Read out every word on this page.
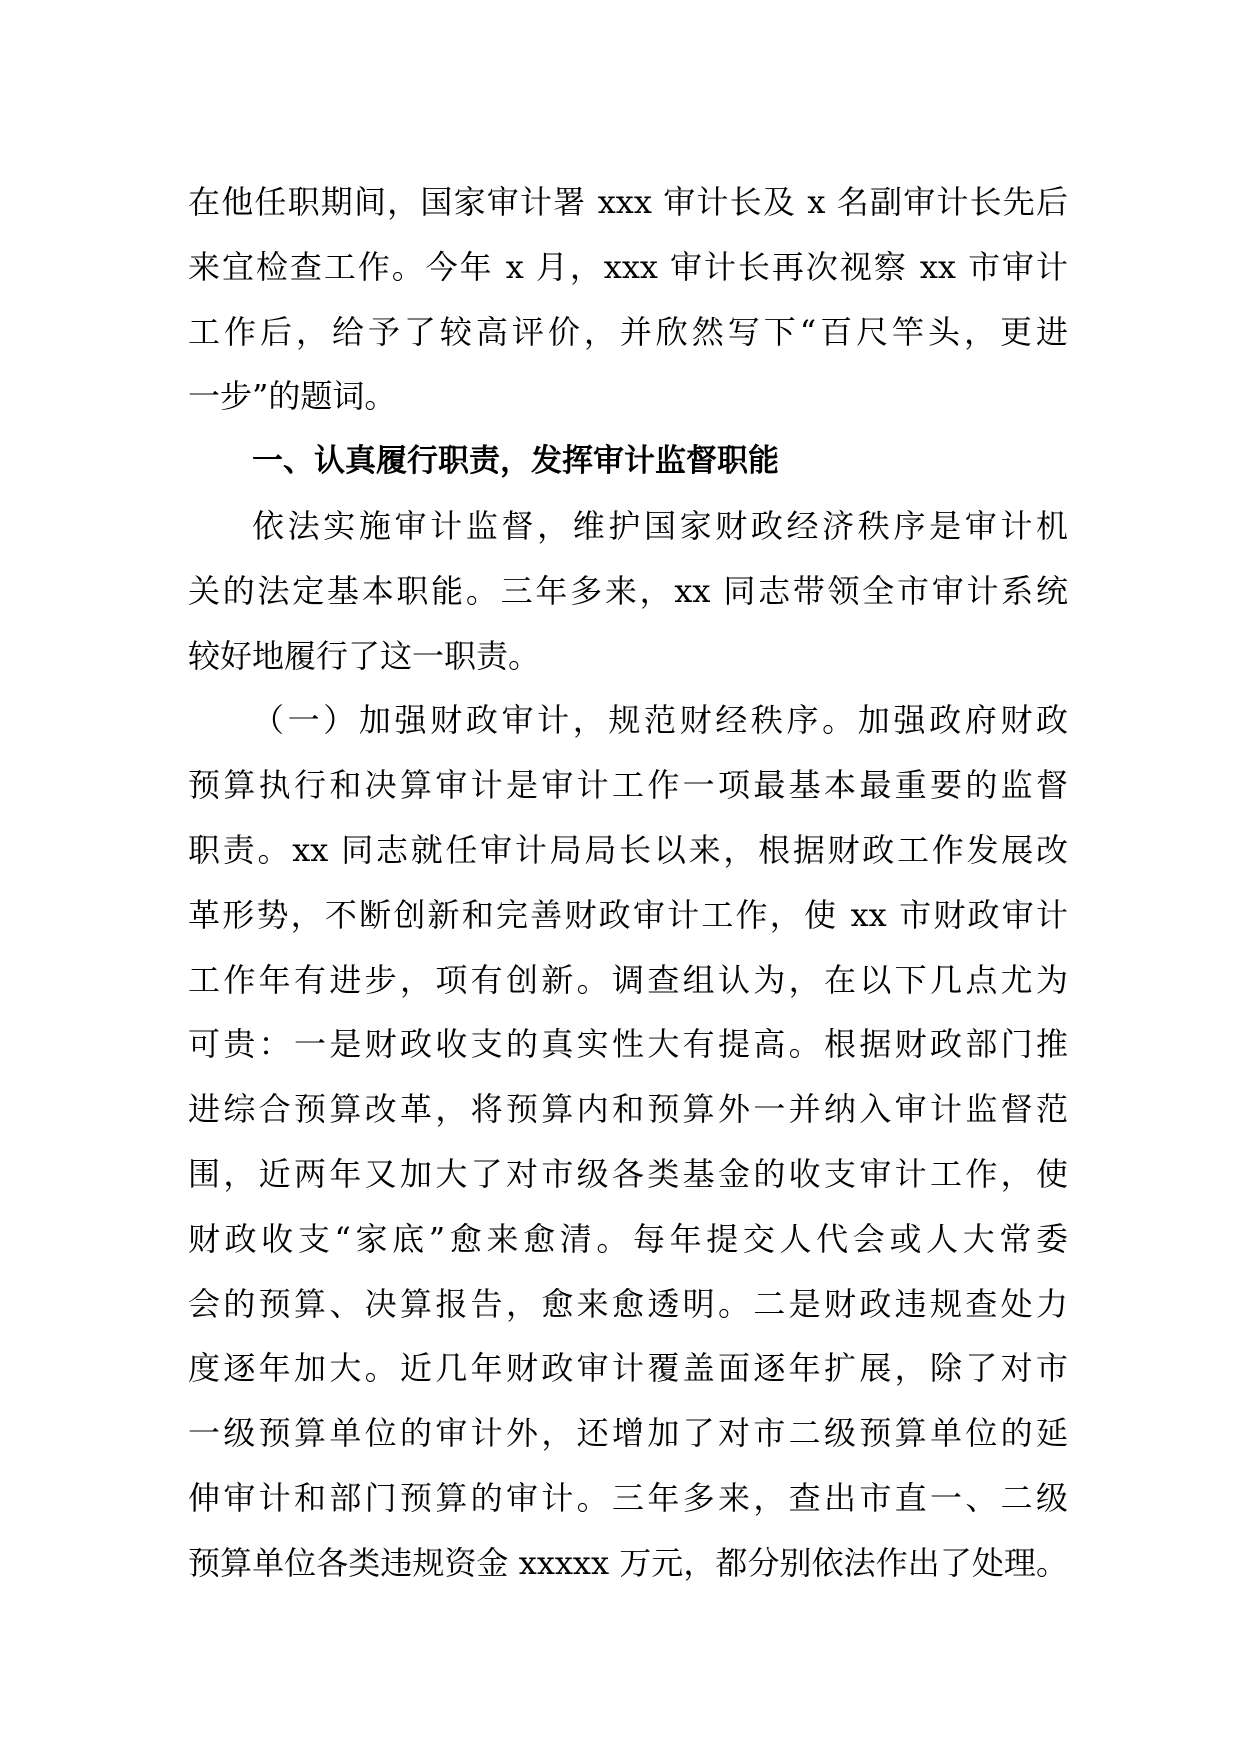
在他任职期间，国家审计署 xxx 审计长及 x 名副审计长先后
来宜检查工作。今年 x 月，xxx 审计长再次视察 xx 市审计
工作后，给予了较高评价，并欣然写下“百尺竿头，更进
一步”的题词。
一、认真履行职责，发挥审计监督职能
依法实施审计监督，维护国家财政经济秩序是审计机
关的法定基本职能。三年多来，xx 同志带领全市审计系统
较好地履行了这一职责。
（一）加强财政审计，规范财经秩序。加强政府财政
预算执行和决算审计是审计工作一项最基本最重要的监督
职责。xx 同志就任审计局局长以来，根据财政工作发展改
革形势，不断创新和完善财政审计工作，使 xx 市财政审计
工作年有进步，项有创新。调查组认为，在以下几点尤为
可贵：一是财政收支的真实性大有提高。根据财政部门推
进综合预算改革，将预算内和预算外一并纳入审计监督范
围，近两年又加大了对市级各类基金的收支审计工作，使
财政收支“家底”愈来愈清。每年提交人代会或人大常委
会的预算、决算报告，愈来愈透明。二是财政违规查处力
度逐年加大。近几年财政审计覆盖面逐年扩展，除了对市
一级预算单位的审计外，还增加了对市二级预算单位的延
伸审计和部门预算的审计。三年多来，查出市直一、二级
预算单位各类违规资金 xxxxx 万元，都分别依法作出了处理。
